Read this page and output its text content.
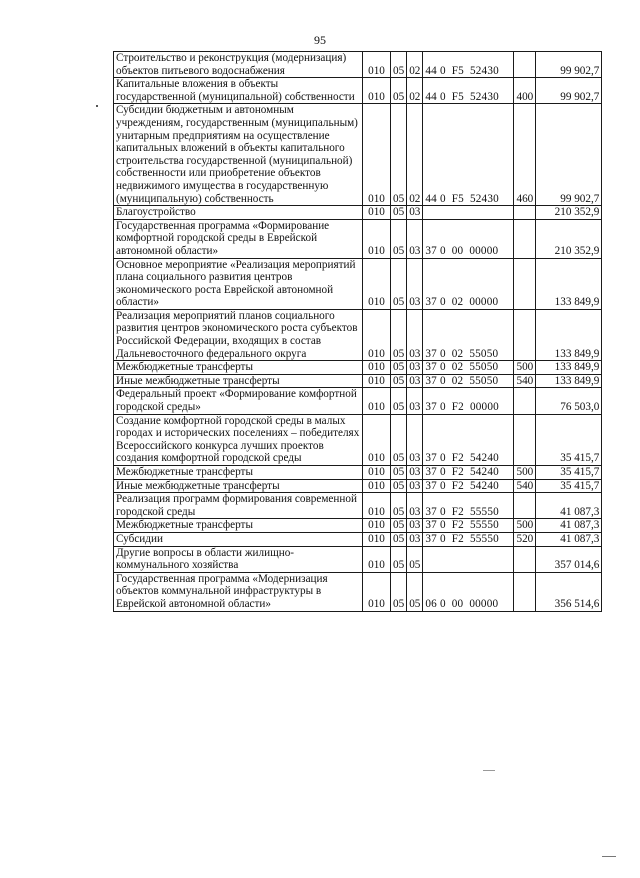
95
Строительство и реконструкция (модернизация) объектов питьевого водоснабжения	010	05	02	44 0  F5  52430		99 902,7
Капитальные вложения в объекты государственной (муниципальной) собственности	010	05	02	44 0  F5  52430	400	99 902,7
Субсидии бюджетным и автономным учреждениям, государственным (муниципальным) унитарным предприятиям на осуществление капитальных вложений в объекты капитального строительства государственной (муниципальной) собственности или приобретение объектов недвижимого имущества в государственную (муниципальную) собственность	010	05	02	44 0  F5  52430	460	99 902,7
Благоустройство	010	05	03			210 352,9
Государственная программа «Формирование комфортной городской среды в Еврейской автономной области»	010	05	03	37 0  00  00000		210 352,9
Основное мероприятие «Реализация мероприятий плана социального развития центров экономического роста Еврейской автономной области»	010	05	03	37 0  02  00000		133 849,9
Реализация мероприятий планов социального развития центров экономического роста субъектов Российской Федерации, входящих в состав Дальневосточного федерального округа	010	05	03	37 0  02  55050		133 849,9
Межбюджетные трансферты	010	05	03	37 0  02  55050	500	133 849,9
Иные межбюджетные трансферты	010	05	03	37 0  02  55050	540	133 849,9
Федеральный проект «Формирование комфортной городской среды»	010	05	03	37 0  F2  00000		76 503,0
Создание комфортной городской среды в малых городах и исторических поселениях – победителях Всероссийского конкурса лучших проектов создания комфортной городской среды	010	05	03	37 0  F2  54240		35 415,7
Межбюджетные трансферты	010	05	03	37 0  F2  54240	500	35 415,7
Иные межбюджетные трансферты	010	05	03	37 0  F2  54240	540	35 415,7
Реализация программ формирования современной городской среды	010	05	03	37 0  F2  55550		41 087,3
Межбюджетные трансферты	010	05	03	37 0  F2  55550	500	41 087,3
Субсидии	010	05	03	37 0  F2  55550	520	41 087,3
Другие вопросы в области жилищно-коммунального хозяйства	010	05	05			357 014,6
Государственная программа «Модернизация объектов коммунальной инфраструктуры в Еврейской автономной области»	010	05	05	06 0  00  00000		356 514,6
